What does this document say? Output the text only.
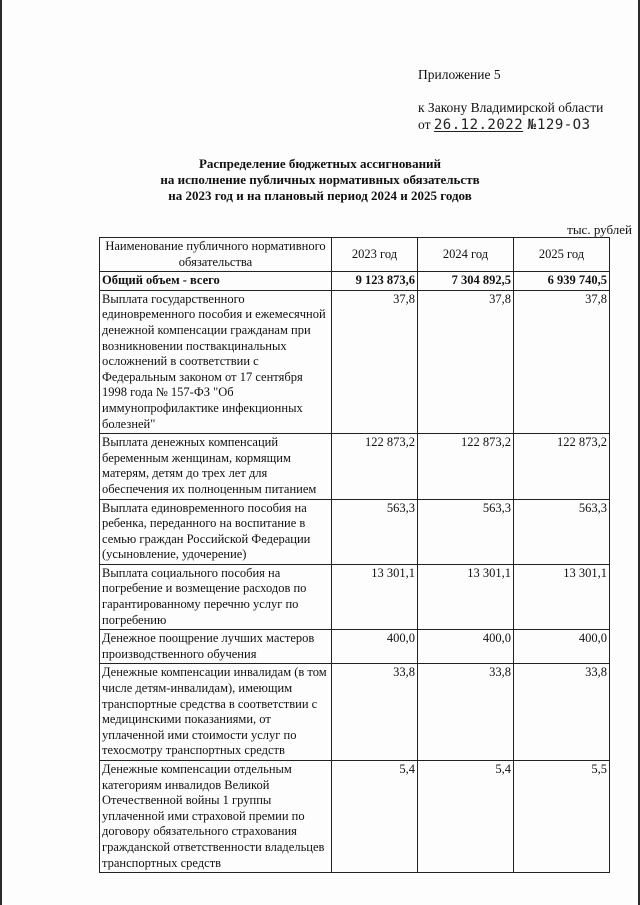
Приложение 5
к Закону Владимирской области
от 26.12.2022 №129-ОЗ
Распределение бюджетных ассигнований
на исполнение публичных нормативных обязательств
на 2023 год и на плановый период 2024 и 2025 годов
тыс. рублей
Наименование публичного нормативного обязательства	2023 год	2024 год	2025 год
Общий объем - всего	9 123 873,6	7 304 892,5	6 939 740,5
Выплата государственного единовременного пособия и ежемесячной денежной компенсации гражданам при возникновении поствакцинальных осложнений в соответствии с Федеральным законом от 17 сентября 1998 года № 157-ФЗ "Об иммунопрофилактике инфекционных болезней"	37,8	37,8	37,8
Выплата денежных компенсаций беременным женщинам, кормящим матерям, детям до трех лет для обеспечения их полноценным питанием	122 873,2	122 873,2	122 873,2
Выплата единовременного пособия на ребенка, переданного на воспитание в семью граждан Российской Федерации (усыновление, удочерение)	563,3	563,3	563,3
Выплата социального пособия на погребение и возмещение расходов по гарантированному перечню услуг по погребению	13 301,1	13 301,1	13 301,1
Денежное поощрение лучших мастеров производственного обучения	400,0	400,0	400,0
Денежные компенсации инвалидам (в том числе детям-инвалидам), имеющим транспортные средства в соответствии с медицинскими показаниями, от уплаченной ими стоимости услуг по техосмотру транспортных средств	33,8	33,8	33,8
Денежные компенсации отдельным категориям инвалидов Великой Отечественной войны 1 группы уплаченной ими страховой премии по договору обязательного страхования гражданской ответственности владельцев транспортных средств	5,4	5,4	5,5
